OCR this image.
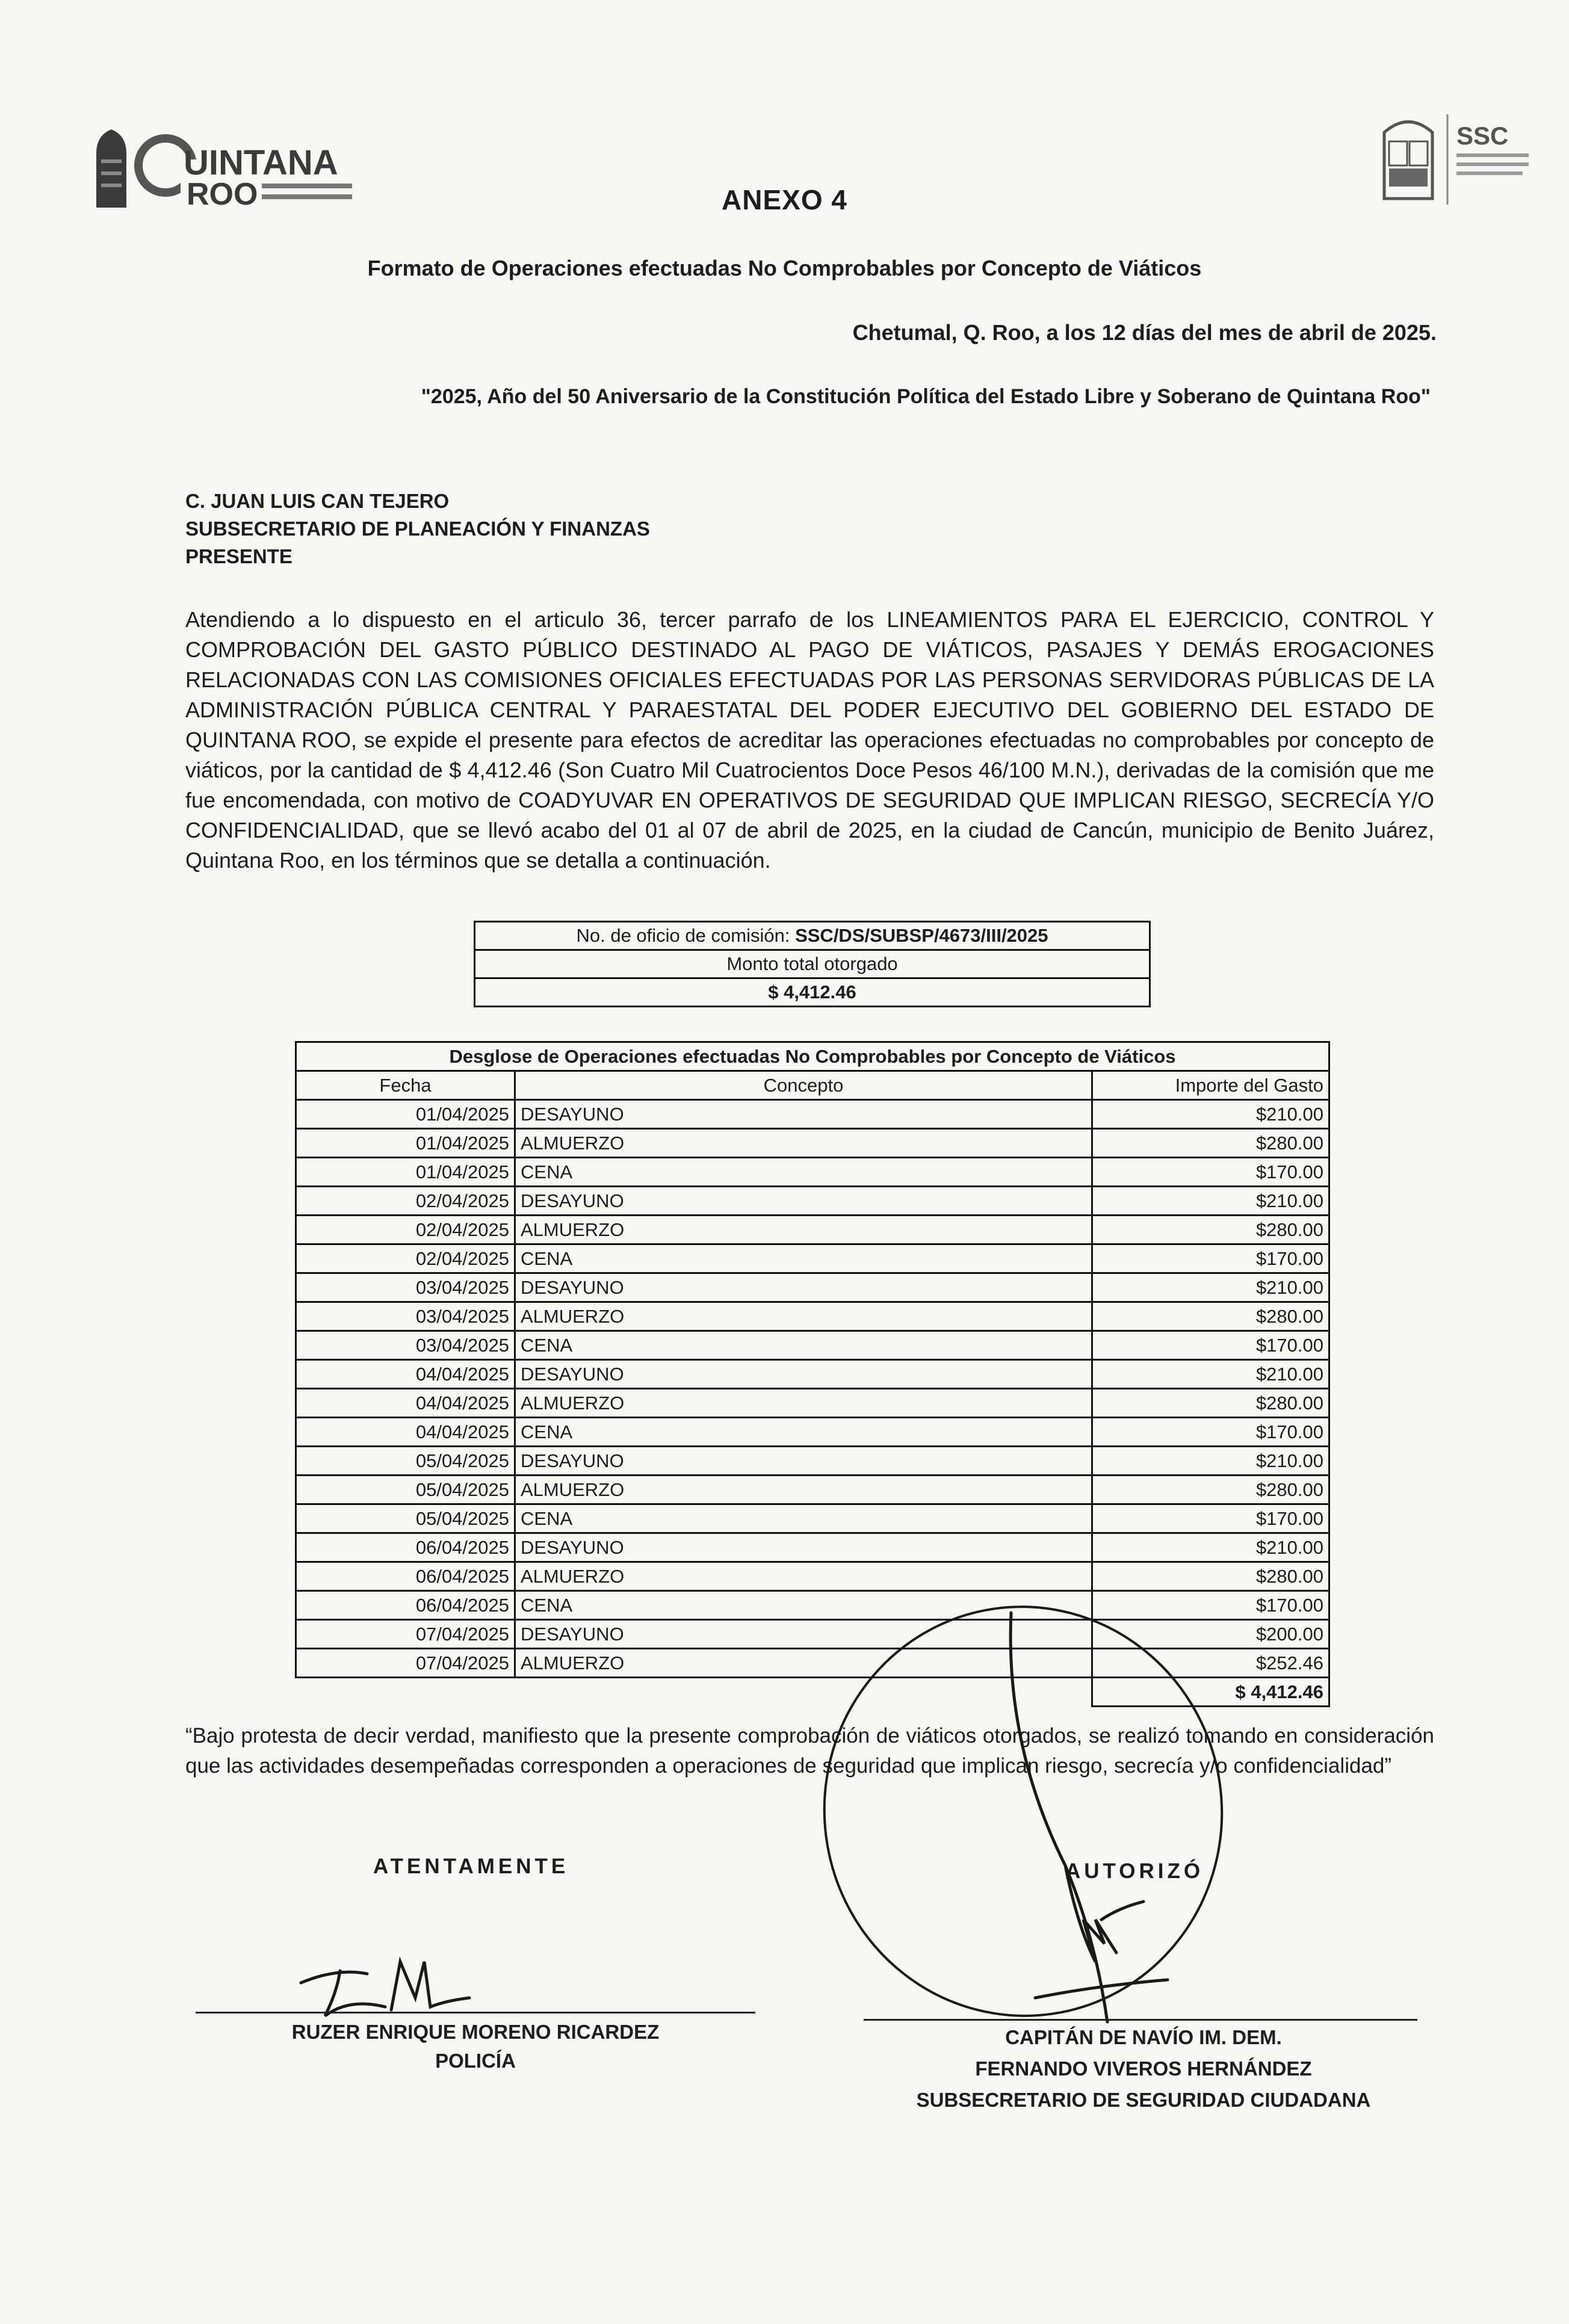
UINTANA
ROO
SSC
ANEXO 4
Formato de Operaciones efectuadas No Comprobables por Concepto de Viáticos
Chetumal, Q. Roo, a los 12 días del mes de abril de 2025.
"2025, Año del 50 Aniversario de la Constitución Política del Estado Libre y Soberano de Quintana Roo"
C. JUAN LUIS CAN TEJERO
SUBSECRETARIO DE PLANEACIÓN Y FINANZAS
PRESENTE
Atendiendo a lo dispuesto en el articulo 36, tercer parrafo de los LINEAMIENTOS PARA EL EJERCICIO, CONTROL Y COMPROBACIÓN DEL GASTO PÚBLICO DESTINADO AL PAGO DE VIÁTICOS, PASAJES Y DEMÁS EROGACIONES RELACIONADAS CON LAS COMISIONES OFICIALES EFECTUADAS POR LAS PERSONAS SERVIDORAS PÚBLICAS DE LA ADMINISTRACIÓN PÚBLICA CENTRAL Y PARAESTATAL DEL PODER EJECUTIVO DEL GOBIERNO DEL ESTADO DE QUINTANA ROO, se expide el presente para efectos de acreditar las operaciones efectuadas no comprobables por concepto de viáticos, por la cantidad de $ 4,412.46 (Son Cuatro Mil Cuatrocientos Doce Pesos 46/100 M.N.), derivadas de la comisión que me fue encomendada, con motivo de COADYUVAR EN OPERATIVOS DE SEGURIDAD QUE IMPLICAN RIESGO, SECRECÍA Y/O CONFIDENCIALIDAD, que se llevó acabo del 01 al 07 de abril de 2025, en la ciudad de Cancún, municipio de Benito Juárez, Quintana Roo, en los términos que se detalla a continuación.
No. de oficio de comisión: SSC/DS/SUBSP/4673/III/2025
Monto total otorgado
$ 4,412.46
Desglose de Operaciones efectuadas No Comprobables por Concepto de Viáticos		
Fecha	Concepto	Importe del Gasto
01/04/2025	DESAYUNO	$210.00
01/04/2025	ALMUERZO	$280.00
01/04/2025	CENA	$170.00
02/04/2025	DESAYUNO	$210.00
02/04/2025	ALMUERZO	$280.00
02/04/2025	CENA	$170.00
03/04/2025	DESAYUNO	$210.00
03/04/2025	ALMUERZO	$280.00
03/04/2025	CENA	$170.00
04/04/2025	DESAYUNO	$210.00
04/04/2025	ALMUERZO	$280.00
04/04/2025	CENA	$170.00
05/04/2025	DESAYUNO	$210.00
05/04/2025	ALMUERZO	$280.00
05/04/2025	CENA	$170.00
06/04/2025	DESAYUNO	$210.00
06/04/2025	ALMUERZO	$280.00
06/04/2025	CENA	$170.00
07/04/2025	DESAYUNO	$200.00
07/04/2025	ALMUERZO	$252.46
		$ 4,412.46
“Bajo protesta de decir verdad, manifiesto que la presente comprobación de viáticos otorgados, se realizó tomando en consideración que las actividades desempeñadas corresponden a operaciones de seguridad que implican riesgo, secrecía y/o confidencialidad”
ATENTAMENTE	AUTORIZÓ
RUZER ENRIQUE MORENO RICARDEZ
POLICÍA
CAPITÁN DE NAVÍO IM. DEM.
FERNANDO VIVEROS HERNÁNDEZ
SUBSECRETARIO DE SEGURIDAD CIUDADANA
